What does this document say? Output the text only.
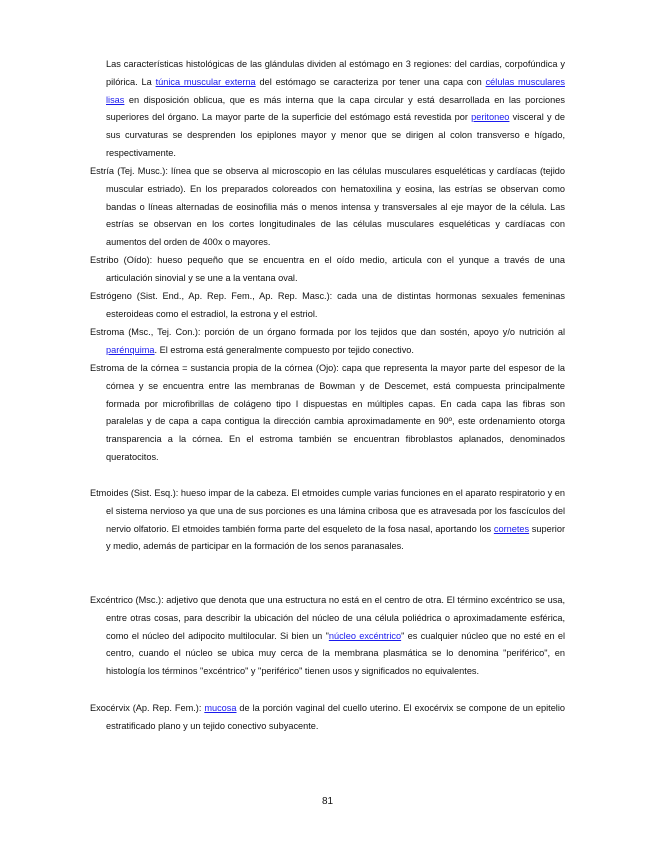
Las características histológicas de las glándulas dividen al estómago en 3 regiones: del cardias, corpofúndica y pilórica. La túnica muscular externa del estómago se caracteriza por tener una capa con células musculares lisas en disposición oblicua, que es más interna que la capa circular y está desarrollada en las porciones superiores del órgano. La mayor parte de la superficie del estómago está revestida por peritoneo visceral y de sus curvaturas se desprenden los epiplones mayor y menor que se dirigen al colon transverso e hígado, respectivamente.

Estría (Tej. Musc.): línea que se observa al microscopio en las células musculares esqueléticas y cardíacas (tejido muscular estriado). En los preparados coloreados con hematoxilina y eosina, las estrías se observan como bandas o líneas alternadas de eosinofilia más o menos intensa y transversales al eje mayor de la célula. Las estrías se observan en los cortes longitudinales de las células musculares esqueléticas y cardíacas con aumentos del orden de 400x o mayores.

Estribo (Oído): hueso pequeño que se encuentra en el oído medio, articula con el yunque a través de una articulación sinovial y se une a la ventana oval.

Estrógeno (Sist. End., Ap. Rep. Fem., Ap. Rep. Masc.): cada una de distintas hormonas sexuales femeninas esteroideas como el estradiol, la estrona y el estriol.

Estroma (Msc., Tej. Con.): porción de un órgano formada por los tejidos que dan sostén, apoyo y/o nutrición al parénquima. El estroma está generalmente compuesto por tejido conectivo.

Estroma de la córnea = sustancia propia de la córnea (Ojo): capa que representa la mayor parte del espesor de la córnea y se encuentra entre las membranas de Bowman y de Descemet, está compuesta principalmente formada por microfibrillas de colágeno tipo I dispuestas en múltiples capas. En cada capa las fibras son paralelas y de capa a capa contigua la dirección cambia aproximadamente en 90º, este ordenamiento otorga transparencia a la córnea. En el estroma también se encuentran fibroblastos aplanados, denominados queratocitos.

Etmoides (Sist. Esq.): hueso impar de la cabeza. El etmoides cumple varias funciones en el aparato respiratorio y en el sistema nervioso ya que una de sus porciones es una lámina cribosa que es atravesada por los fascículos del nervio olfatorio. El etmoides también forma parte del esqueleto de la fosa nasal, aportando los cornetes superior y medio, además de participar en la formación de los senos paranasales.

Excéntrico (Msc.): adjetivo que denota que una estructura no está en el centro de otra. El término excéntrico se usa, entre otras cosas, para describir la ubicación del núcleo de una célula poliédrica o aproximadamente esférica, como el núcleo del adipocito multilocular. Si bien un "núcleo excéntrico" es cualquier núcleo que no esté en el centro, cuando el núcleo se ubica muy cerca de la membrana plasmática se lo denomina "periférico", en histología los términos "excéntrico" y "periférico" tienen usos y significados no equivalentes.

Exocérvix (Ap. Rep. Fem.): mucosa de la porción vaginal del cuello uterino. El exocérvix se compone de un epitelio estratificado plano y un tejido conectivo subyacente.

81
